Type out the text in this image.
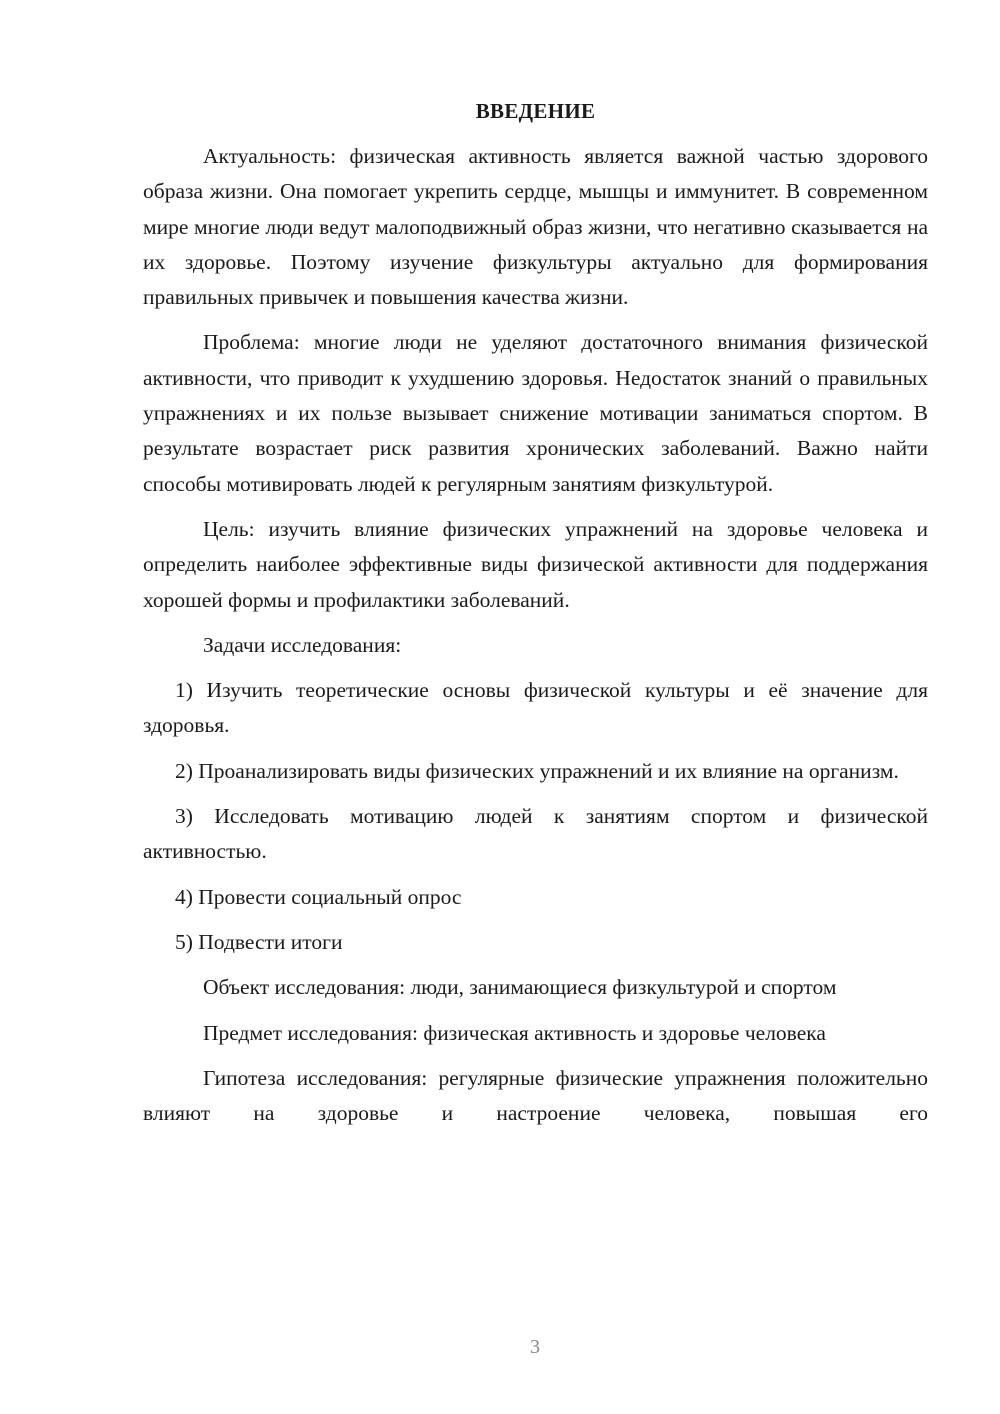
ВВЕДЕНИЕ

Актуальность: физическая активность является важной частью здорового образа жизни. Она помогает укрепить сердце, мышцы и иммунитет. В современном мире многие люди ведут малоподвижный образ жизни, что негативно сказывается на их здоровье. Поэтому изучение физкультуры актуально для формирования правильных привычек и повышения качества жизни.

Проблема: многие люди не уделяют достаточного внимания физической активности, что приводит к ухудшению здоровья. Недостаток знаний о правильных упражнениях и их пользе вызывает снижение мотивации заниматься спортом. В результате возрастает риск развития хронических заболеваний. Важно найти способы мотивировать людей к регулярным занятиям физкультурой.

Цель: изучить влияние физических упражнений на здоровье человека и определить наиболее эффективные виды физической активности для поддержания хорошей формы и профилактики заболеваний.

Задачи исследования:

1) Изучить теоретические основы физической культуры и её значение для здоровья.

2) Проанализировать виды физических упражнений и их влияние на организм.

3) Исследовать мотивацию людей к занятиям спортом и физической активностью.

4) Провести социальный опрос

5) Подвести итоги

Объект исследования: люди, занимающиеся физкультурой и спортом

Предмет исследования: физическая активность и здоровье человека

Гипотеза исследования: регулярные физические упражнения положительно влияют на здоровье и настроение человека, повышая его

3
